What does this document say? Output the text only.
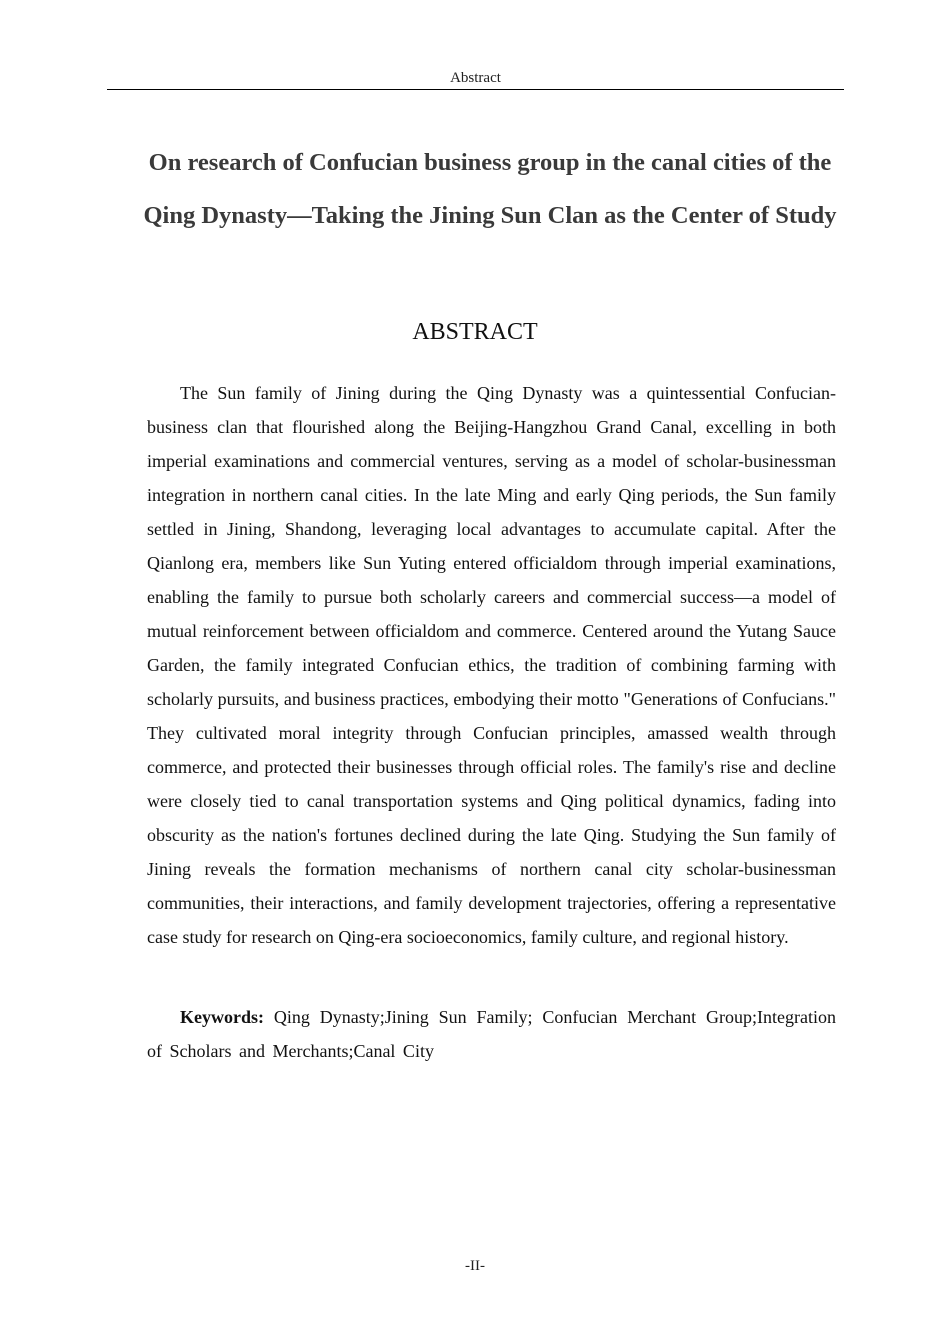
Abstract
On research of Confucian business group in the canal cities of the Qing Dynasty—Taking the Jining Sun Clan as the Center of Study
ABSTRACT

The Sun family of Jining during the Qing Dynasty was a quintessential Confucian-business clan that flourished along the Beijing-Hangzhou Grand Canal, excelling in both imperial examinations and commercial ventures, serving as a model of scholar-businessman integration in northern canal cities. In the late Ming and early Qing periods, the Sun family settled in Jining, Shandong, leveraging local advantages to accumulate capital. After the Qianlong era, members like Sun Yuting entered officialdom through imperial examinations, enabling the family to pursue both scholarly careers and commercial success—a model of mutual reinforcement between officialdom and commerce. Centered around the Yutang Sauce Garden, the family integrated Confucian ethics, the tradition of combining farming with scholarly pursuits, and business practices, embodying their motto "Generations of Confucians." They cultivated moral integrity through Confucian principles, amassed wealth through commerce, and protected their businesses through official roles. The family's rise and decline were closely tied to canal transportation systems and Qing political dynamics, fading into obscurity as the nation's fortunes declined during the late Qing. Studying the Sun family of Jining reveals the formation mechanisms of northern canal city scholar-businessman communities, their interactions, and family development trajectories, offering a representative case study for research on Qing-era socioeconomics, family culture, and regional history.

Keywords: Qing Dynasty;Jining Sun Family; Confucian Merchant Group;Integration of Scholars and Merchants;Canal City

-II-
